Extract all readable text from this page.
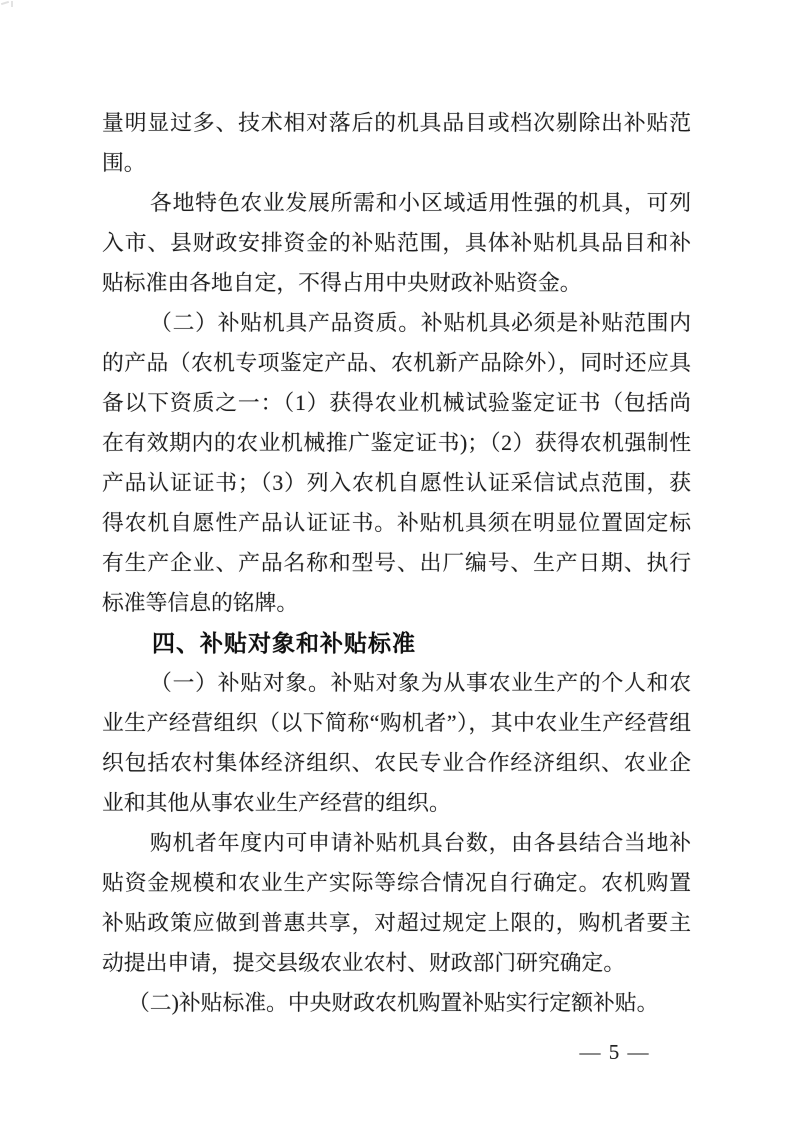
量明显过多、技术相对落后的机具品目或档次剔除出补贴范
围。
各地特色农业发展所需和小区域适用性强的机具，可列
入市、县财政安排资金的补贴范围，具体补贴机具品目和补
贴标准由各地自定，不得占用中央财政补贴资金。
（二）补贴机具产品资质。补贴机具必须是补贴范围内
的产品（农机专项鉴定产品、农机新产品除外），同时还应具
备以下资质之一：（1）获得农业机械试验鉴定证书（包括尚
在有效期内的农业机械推广鉴定证书)；（2）获得农机强制性
产品认证证书；（3）列入农机自愿性认证采信试点范围，获
得农机自愿性产品认证证书。补贴机具须在明显位置固定标
有生产企业、产品名称和型号、出厂编号、生产日期、执行
标准等信息的铭牌。
四、补贴对象和补贴标准
（一）补贴对象。补贴对象为从事农业生产的个人和农
业生产经营组织（以下简称“购机者”），其中农业生产经营组
织包括农村集体经济组织、农民专业合作经济组织、农业企
业和其他从事农业生产经营的组织。
购机者年度内可申请补贴机具台数，由各县结合当地补
贴资金规模和农业生产实际等综合情况自行确定。农机购置
补贴政策应做到普惠共享，对超过规定上限的，购机者要主
动提出申请，提交县级农业农村、财政部门研究确定。
（二)补贴标准。中央财政农机购置补贴实行定额补贴。
— 5 —
